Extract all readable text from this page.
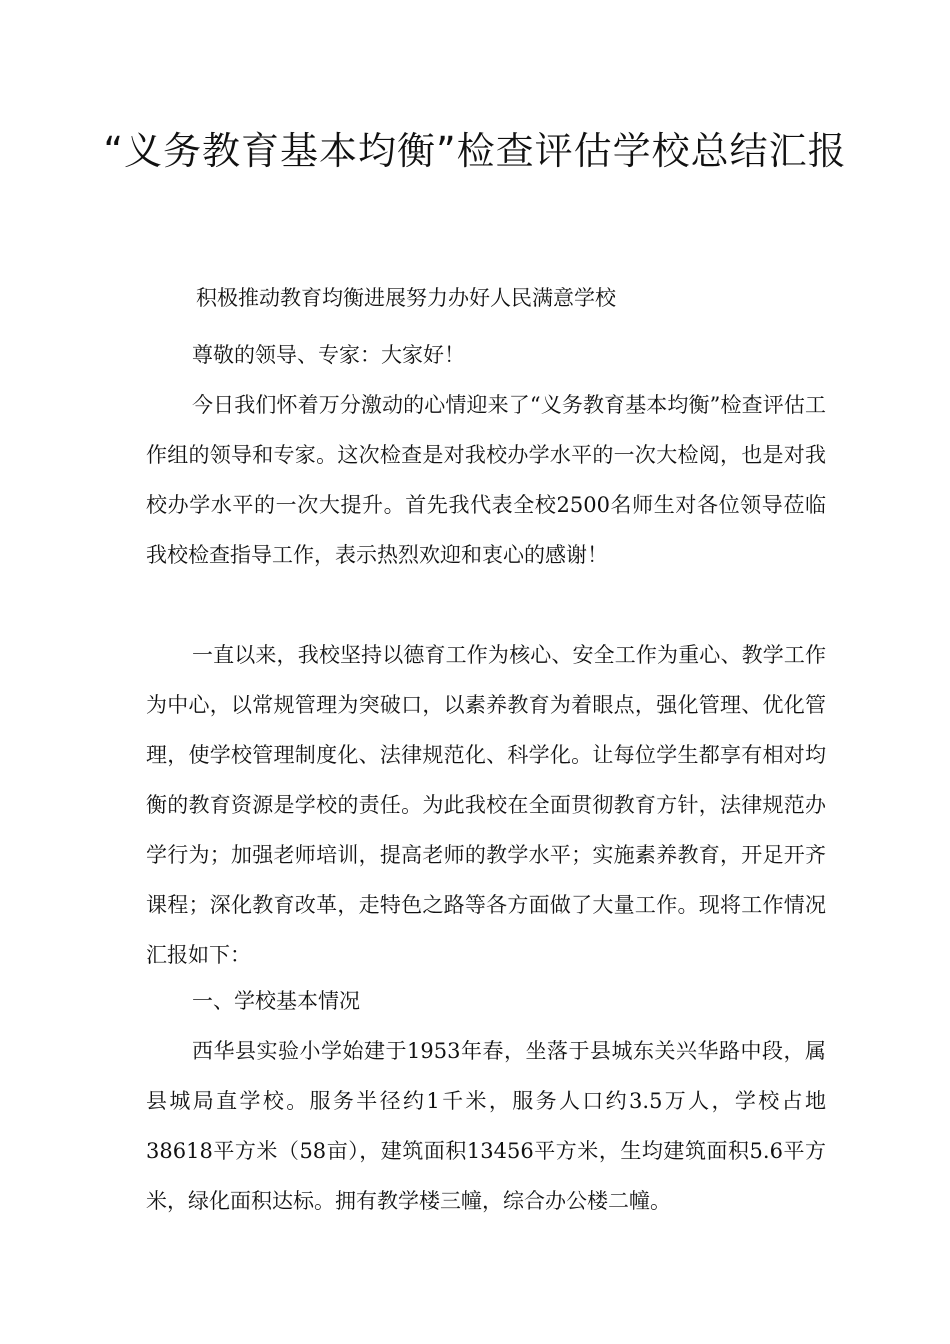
“义务教育基本均衡”检查评估学校总结汇报
积极推动教育均衡进展努力办好人民满意学校

尊敬的领导、专家：大家好！

今日我们怀着万分激动的心情迎来了“义务教育基本均衡”检查评估工作组的领导和专家。这次检查是对我校办学水平的一次大检阅，也是对我校办学水平的一次大提升。首先我代表全校2500名师生对各位领导莅临我校检查指导工作，表示热烈欢迎和衷心的感谢！

一直以来，我校坚持以德育工作为核心、安全工作为重心、教学工作为中心，以常规管理为突破口，以素养教育为着眼点，强化管理、优化管理，使学校管理制度化、法律规范化、科学化。让每位学生都享有相对均衡的教育资源是学校的责任。为此我校在全面贯彻教育方针，法律规范办学行为；加强老师培训，提高老师的教学水平；实施素养教育，开足开齐课程；深化教育改革，走特色之路等各方面做了大量工作。现将工作情况汇报如下：

一、学校基本情况

西华县实验小学始建于1953年春，坐落于县城东关兴华路中段，属县城局直学校。服务半径约1千米，服务人口约3.5万人，学校占地38618平方米（58亩），建筑面积13456平方米，生均建筑面积5.6平方米，绿化面积达标。拥有教学楼三幢，综合办公楼二幢。
